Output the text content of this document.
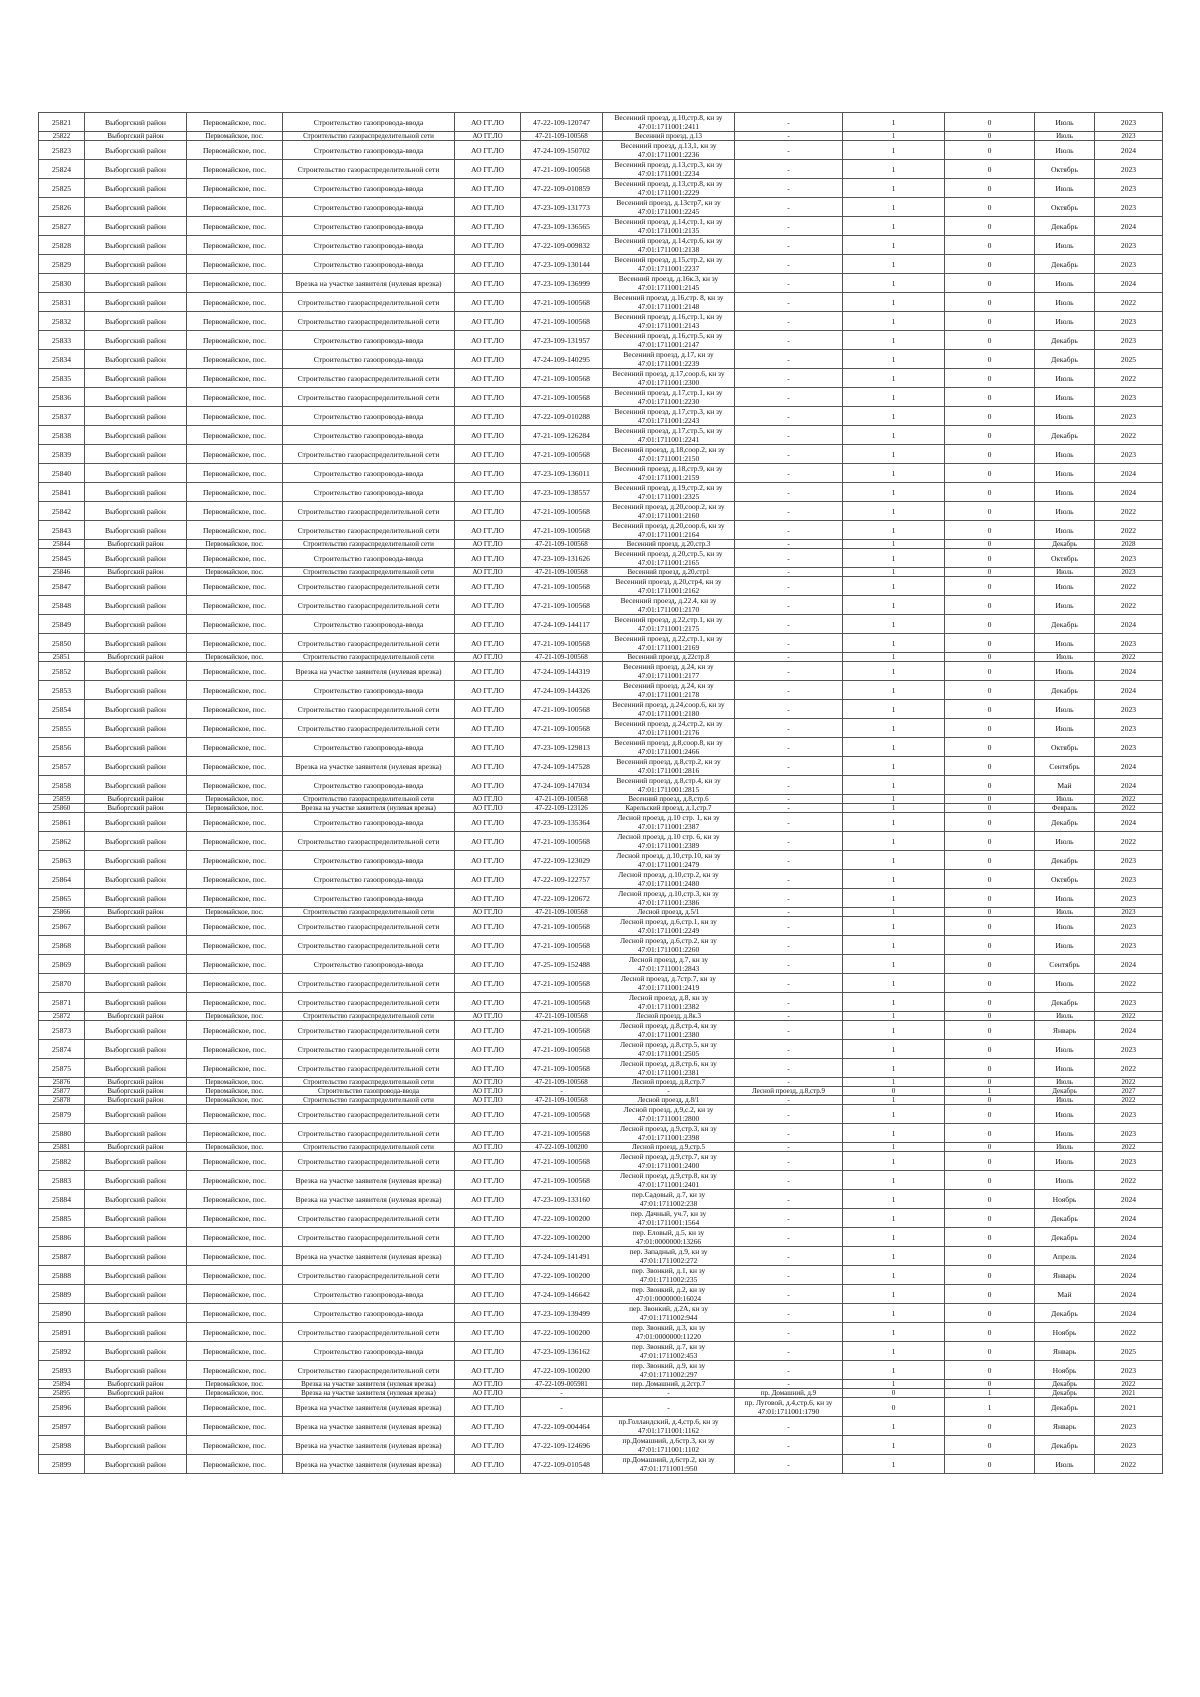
25821	Выборгский район	Первомайское, пос.	Строительство газопровода-ввода	АО ГГ.ЛО	47-22-109-120747	Весенний проезд, д.10,стр.8, кн зу 47:01:1711001:2411	-	1	0	Июль	2023
25822	Выборгский район	Первомайское, пос.	Строительство газораспределительной сети	АО ГГ.ЛО	47-21-109-100568	Весенний проезд, д.13	-	1	0	Июль	2023
25823	Выборгский район	Первомайское, пос.	Строительство газопровода-ввода	АО ГГ.ЛО	47-24-109-150702	Весенний проезд, д.13,1, кн зу 47:01:1711001:2236	-	1	0	Июль	2024
25824	Выборгский район	Первомайское, пос.	Строительство газораспределительной сети	АО ГГ.ЛО	47-21-109-100568	Весенний проезд, д.13,стр.3, кн зу 47:01:1711001:2234	-	1	0	Октябрь	2023
25825	Выборгский район	Первомайское, пос.	Строительство газопровода-ввода	АО ГГ.ЛО	47-22-109-010859	Весенний проезд, д.13,стр.8, кн зу 47:01:1711001:2229	-	1	0	Июль	2023
25826	Выборгский район	Первомайское, пос.	Строительство газопровода-ввода	АО ГГ.ЛО	47-23-109-131773	Весенний проезд, д.13стр7, кн зу 47:01:1711001:2245	-	1	0	Октябрь	2023
25827	Выборгский район	Первомайское, пос.	Строительство газопровода-ввода	АО ГГ.ЛО	47-23-109-136565	Весенний проезд, д.14,стр.1, кн зу 47:01:1711001:2135	-	1	0	Декабрь	2024
25828	Выборгский район	Первомайское, пос.	Строительство газопровода-ввода	АО ГГ.ЛО	47-22-109-009832	Весенний проезд, д.14,стр.6, кн зу 47:01:1711001:2138	-	1	0	Июль	2023
25829	Выборгский район	Первомайское, пос.	Строительство газопровода-ввода	АО ГГ.ЛО	47-23-109-130144	Весенний проезд, д.15,стр.2, кн зу 47:01:1711001:2237	-	1	0	Декабрь	2023
25830	Выборгский район	Первомайское, пос.	Врезка на участке заявителя (нулевая врезка)	АО ГГ.ЛО	47-23-109-136999	Весенний проезд, д.16к.3, кн зу 47:01:1711001:2145	-	1	0	Июль	2024
25831	Выборгский район	Первомайское, пос.	Строительство газораспределительной сети	АО ГГ.ЛО	47-21-109-100568	Весенний проезд, д.16,стр. 8, кн зу 47:01:1711001:2148	-	1	0	Июль	2022
25832	Выборгский район	Первомайское, пос.	Строительство газораспределительной сети	АО ГГ.ЛО	47-21-109-100568	Весенний проезд, д.16,стр.1, кн зу 47:01:1711001:2143	-	1	0	Июль	2023
25833	Выборгский район	Первомайское, пос.	Строительство газопровода-ввода	АО ГГ.ЛО	47-23-109-131957	Весенний проезд, д.16,стр.5, кн зу 47:01:1711001:2147	-	1	0	Декабрь	2023
25834	Выборгский район	Первомайское, пос.	Строительство газопровода-ввода	АО ГГ.ЛО	47-24-109-140295	Весенний проезд, д.17, кн зу 47:01:1711001:2239	-	1	0	Декабрь	2025
25835	Выборгский район	Первомайское, пос.	Строительство газораспределительной сети	АО ГГ.ЛО	47-21-109-100568	Весенний проезд, д.17,соор.6, кн зу 47:01:1711001:2300	-	1	0	Июль	2022
25836	Выборгский район	Первомайское, пос.	Строительство газораспределительной сети	АО ГГ.ЛО	47-21-109-100568	Весенний проезд, д.17,стр.1, кн зу 47:01:1711001:2230	-	1	0	Июль	2023
25837	Выборгский район	Первомайское, пос.	Строительство газопровода-ввода	АО ГГ.ЛО	47-22-109-010288	Весенний проезд, д.17,стр.3, кн зу 47:01:1711001:2243	-	1	0	Июль	2023
25838	Выборгский район	Первомайское, пос.	Строительство газопровода-ввода	АО ГГ.ЛО	47-21-109-126284	Весенний проезд, д.17,стр.5, кн зу 47:01:1711001:2241	-	1	0	Декабрь	2022
25839	Выборгский район	Первомайское, пос.	Строительство газораспределительной сети	АО ГГ.ЛО	47-21-109-100568	Весенний проезд, д.18,соор.2, кн зу 47:01:1711001:2150	-	1	0	Июль	2023
25840	Выборгский район	Первомайское, пос.	Строительство газопровода-ввода	АО ГГ.ЛО	47-23-109-136011	Весенний проезд, д.18,стр.9, кн зу 47:01:1711001:2159	-	1	0	Июль	2024
25841	Выборгский район	Первомайское, пос.	Строительство газопровода-ввода	АО ГГ.ЛО	47-23-109-138557	Весенний проезд, д.19,стр.2, кн зу 47:01:1711001:2325	-	1	0	Июль	2024
25842	Выборгский район	Первомайское, пос.	Строительство газораспределительной сети	АО ГГ.ЛО	47-21-109-100568	Весенний проезд, д.20,соор.2, кн зу 47:01:1711001:2160	-	1	0	Июль	2022
25843	Выборгский район	Первомайское, пос.	Строительство газораспределительной сети	АО ГГ.ЛО	47-21-109-100568	Весенний проезд, д.20,соор.6, кн зу 47:01:1711001:2164	-	1	0	Июль	2022
25844	Выборгский район	Первомайское, пос.	Строительство газораспределительной сети	АО ГГ.ЛО	47-21-109-100568	Весенний проезд, д.20,стр.3	-	1	0	Декабрь	2028
25845	Выборгский район	Первомайское, пос.	Строительство газопровода-ввода	АО ГГ.ЛО	47-23-109-131626	Весенний проезд, д.20,стр.5, кн зу 47:01:1711001:2165	-	1	0	Октябрь	2023
25846	Выборгский район	Первомайское, пос.	Строительство газораспределительной сети	АО ГГ.ЛО	47-21-109-100568	Весенний проезд, д.20,стр1	-	1	0	Июль	2023
25847	Выборгский район	Первомайское, пос.	Строительство газораспределительной сети	АО ГГ.ЛО	47-21-109-100568	Весенний проезд, д.20,стр4, кн зу 47:01:1711001:2162	-	1	0	Июль	2022
25848	Выборгский район	Первомайское, пос.	Строительство газораспределительной сети	АО ГГ.ЛО	47-21-109-100568	Весенний проезд, д.22.4, кн зу 47:01:1711001:2170	-	1	0	Июль	2022
25849	Выборгский район	Первомайское, пос.	Строительство газопровода-ввода	АО ГГ.ЛО	47-24-109-144117	Весенний проезд, д.22,стр.1, кн зу 47:01:1711001:2175	-	1	0	Декабрь	2024
25850	Выборгский район	Первомайское, пос.	Строительство газораспределительной сети	АО ГГ.ЛО	47-21-109-100568	Весенний проезд, д.22,стр.1, кн зу 47:01:1711001:2169	-	1	0	Июль	2023
25851	Выборгский район	Первомайское, пос.	Строительство газораспределительной сети	АО ГГ.ЛО	47-21-109-100568	Весенний проезд, д.22стр.8	-	1	0	Июль	2022
25852	Выборгский район	Первомайское, пос.	Врезка на участке заявителя (нулевая врезка)	АО ГГ.ЛО	47-24-109-144319	Весенний проезд, д.24, кн зу 47:01:1711001:2177	-	1	0	Июль	2024
25853	Выборгский район	Первомайское, пос.	Строительство газопровода-ввода	АО ГГ.ЛО	47-24-109-144326	Весенний проезд, д.24, кн зу 47:01:1711001:2178	-	1	0	Декабрь	2024
25854	Выборгский район	Первомайское, пос.	Строительство газораспределительной сети	АО ГГ.ЛО	47-21-109-100568	Весенний проезд, д.24,соор.6, кн зу 47:01:1711001:2180	-	1	0	Июль	2023
25855	Выборгский район	Первомайское, пос.	Строительство газораспределительной сети	АО ГГ.ЛО	47-21-109-100568	Весенний проезд, д.24,стр.2, кн зу 47:01:1711001:2176	-	1	0	Июль	2023
25856	Выборгский район	Первомайское, пос.	Строительство газопровода-ввода	АО ГГ.ЛО	47-23-109-129813	Весенний проезд, д.8,соор.8, кн зу 47:01:1711001:2466	-	1	0	Октябрь	2023
25857	Выборгский район	Первомайское, пос.	Врезка на участке заявителя (нулевая врезка)	АО ГГ.ЛО	47-24-109-147528	Весенний проезд, д.8,стр.2, кн зу 47:01:1711001:2816	-	1	0	Сентябрь	2024
25858	Выборгский район	Первомайское, пос.	Строительство газопровода-ввода	АО ГГ.ЛО	47-24-109-147034	Весенний проезд, д.8,стр.4, кн зу 47:01:1711001:2815	-	1	0	Май	2024
25859	Выборгский район	Первомайское, пос.	Строительство газораспределительной сети	АО ГГ.ЛО	47-21-109-100568	Весенний проезд, д.8,стр.6	-	1	0	Июль	2022
25860	Выборгский район	Первомайское, пос.	Врезка на участке заявителя (нулевая врезка)	АО ГГ.ЛО	47-22-109-123126	Карельский проезд, д.1,стр.7	-	1	0	Февраль	2022
25861	Выборгский район	Первомайское, пос.	Строительство газопровода-ввода	АО ГГ.ЛО	47-23-109-135364	Лесной проезд, д.10 стр. 1, кн зу 47:01:1711001:2387	-	1	0	Декабрь	2024
25862	Выборгский район	Первомайское, пос.	Строительство газораспределительной сети	АО ГГ.ЛО	47-21-109-100568	Лесной проезд, д.10 стр. 6, кн зу 47:01:1711001:2389	-	1	0	Июль	2022
25863	Выборгский район	Первомайское, пос.	Строительство газопровода-ввода	АО ГГ.ЛО	47-22-109-123029	Лесной проезд, д.10,стр.10, кн зу 47:01:1711001:2479	-	1	0	Декабрь	2023
25864	Выборгский район	Первомайское, пос.	Строительство газопровода-ввода	АО ГГ.ЛО	47-22-109-122757	Лесной проезд, д.10,стр.2, кн зу 47:01:1711001:2480	-	1	0	Октябрь	2023
25865	Выборгский район	Первомайское, пос.	Строительство газопровода-ввода	АО ГГ.ЛО	47-22-109-120672	Лесной проезд, д.10,стр.3, кн зу 47:01:1711001:2386	-	1	0	Июль	2023
25866	Выборгский район	Первомайское, пос.	Строительство газораспределительной сети	АО ГГ.ЛО	47-21-109-100568	Лесной проезд, д.5/1	-	1	0	Июль	2023
25867	Выборгский район	Первомайское, пос.	Строительство газораспределительной сети	АО ГГ.ЛО	47-21-109-100568	Лесной проезд, д.6,стр.1, кн зу 47:01:1711001:2249	-	1	0	Июль	2023
25868	Выборгский район	Первомайское, пос.	Строительство газораспределительной сети	АО ГГ.ЛО	47-21-109-100568	Лесной проезд, д.6,стр.2, кн зу 47:01:1711001:2260	-	1	0	Июль	2023
25869	Выборгский район	Первомайское, пос.	Строительство газопровода-ввода	АО ГГ.ЛО	47-25-109-152488	Лесной проезд, д.7, кн зу 47:01:1711001:2843	-	1	0	Сентябрь	2024
25870	Выборгский район	Первомайское, пос.	Строительство газораспределительной сети	АО ГГ.ЛО	47-21-109-100568	Лесной проезд, д.7стр.7, кн зу 47:01:1711001:2419	-	1	0	Июль	2022
25871	Выборгский район	Первомайское, пос.	Строительство газораспределительной сети	АО ГГ.ЛО	47-21-109-100568	Лесной проезд, д.8, кн зу 47:01:1711001:2382	-	1	0	Декабрь	2023
25872	Выборгский район	Первомайское, пос.	Строительство газораспределительной сети	АО ГГ.ЛО	47-21-109-100568	Лесной проезд, д.8к.3	-	1	0	Июль	2022
25873	Выборгский район	Первомайское, пос.	Строительство газораспределительной сети	АО ГГ.ЛО	47-21-109-100568	Лесной проезд, д.8,стр.4, кн зу 47:01:1711001:2380	-	1	0	Январь	2024
25874	Выборгский район	Первомайское, пос.	Строительство газораспределительной сети	АО ГГ.ЛО	47-21-109-100568	Лесной проезд, д.8,стр.5, кн зу 47:01:1711001:2505	-	1	0	Июль	2023
25875	Выборгский район	Первомайское, пос.	Строительство газораспределительной сети	АО ГГ.ЛО	47-21-109-100568	Лесной проезд, д.8,стр.6, кн зу 47:01:1711001:2381	-	1	0	Июль	2022
25876	Выборгский район	Первомайское, пос.	Строительство газораспределительной сети	АО ГГ.ЛО	47-21-109-100568	Лесной проезд, д.8,стр.7	-	1	0	Июль	2022
25877	Выборгский район	Первомайское, пос.	Строительство газопровода-ввода	АО ГГ.ЛО	-	-	Лесной проезд, д.8,стр.9	0	1	Декабрь	2027
25878	Выборгский район	Первомайское, пос.	Строительство газораспределительной сети	АО ГГ.ЛО	47-21-109-100568	Лесной проезд, д.8/1	-	1	0	Июль	2022
25879	Выборгский район	Первомайское, пос.	Строительство газораспределительной сети	АО ГГ.ЛО	47-21-109-100568	Лесной проезд, д.9,с.2, кн зу 47:01:1711001:2800	-	1	0	Июль	2023
25880	Выборгский район	Первомайское, пос.	Строительство газораспределительной сети	АО ГГ.ЛО	47-21-109-100568	Лесной проезд, д.9,стр.3, кн зу 47:01:1711001:2398	-	1	0	Июль	2023
25881	Выборгский район	Первомайское, пос.	Строительство газораспределительной сети	АО ГГ.ЛО	47-22-109-100200	Лесной проезд, д.9,стр.5	-	1	0	Июль	2022
25882	Выборгский район	Первомайское, пос.	Строительство газораспределительной сети	АО ГГ.ЛО	47-21-109-100568	Лесной проезд, д.9,стр.7, кн зу 47:01:1711001:2400	-	1	0	Июль	2023
25883	Выборгский район	Первомайское, пос.	Врезка на участке заявителя (нулевая врезка)	АО ГГ.ЛО	47-21-109-100568	Лесной проезд, д.9,стр.8, кн зу 47:01:1711001:2401	-	1	0	Июль	2022
25884	Выборгский район	Первомайское, пос.	Врезка на участке заявителя (нулевая врезка)	АО ГГ.ЛО	47-23-109-133160	пер.Садовый, д.7, кн зу 47:01:1711002:238	-	1	0	Ноябрь	2024
25885	Выборгский район	Первомайское, пос.	Строительство газораспределительной сети	АО ГГ.ЛО	47-22-109-100200	пер. Дачный, уч.7, кн зу 47:01:1711001:1564	-	1	0	Декабрь	2024
25886	Выборгский район	Первомайское, пос.	Строительство газораспределительной сети	АО ГГ.ЛО	47-22-109-100200	пер. Еловый, д.5, кн зу 47:01:0000000:13266	-	1	0	Декабрь	2024
25887	Выборгский район	Первомайское, пос.	Врезка на участке заявителя (нулевая врезка)	АО ГГ.ЛО	47-24-109-141491	пер. Западный, д.9, кн зу 47:01:1711002:272	-	1	0	Апрель	2024
25888	Выборгский район	Первомайское, пос.	Строительство газораспределительной сети	АО ГГ.ЛО	47-22-109-100200	пер. Звонкий, д.1, кн зу 47:01:1711002:235	-	1	0	Январь	2024
25889	Выборгский район	Первомайское, пос.	Строительство газопровода-ввода	АО ГГ.ЛО	47-24-109-146642	пер. Звонкий, д.2, кн зу 47:01:0000000:16024	-	1	0	Май	2024
25890	Выборгский район	Первомайское, пос.	Строительство газопровода-ввода	АО ГГ.ЛО	47-23-109-139499	пер. Звонкий, д.2А, кн зу 47:01:1711002:944	-	1	0	Декабрь	2024
25891	Выборгский район	Первомайское, пос.	Строительство газораспределительной сети	АО ГГ.ЛО	47-22-109-100200	пер. Звонкий, д.3, кн зу 47:01:0000000:11220	-	1	0	Ноябрь	2022
25892	Выборгский район	Первомайское, пос.	Строительство газопровода-ввода	АО ГГ.ЛО	47-23-109-136162	пер. Звонкий, д.7, кн зу 47:01:1711002:453	-	1	0	Январь	2025
25893	Выборгский район	Первомайское, пос.	Строительство газораспределительной сети	АО ГГ.ЛО	47-22-109-100200	пер. Звонкий, д.9, кн зу 47:01:1711002:297	-	1	0	Ноябрь	2023
25894	Выборгский район	Первомайское, пос.	Врезка на участке заявителя (нулевая врезка)	АО ГГ.ЛО	47-22-109-005981	пер. Домашний, д.2стр.7	-	1	0	Декабрь	2022
25895	Выборгский район	Первомайское, пос.	Врезка на участке заявителя (нулевая врезка)	АО ГГ.ЛО	-	-	пр. Домашний, д.9	0	1	Декабрь	2021
25896	Выборгский район	Первомайское, пос.	Врезка на участке заявителя (нулевая врезка)	АО ГГ.ЛО	-	-	пр. Луговой, д.4,стр.6, кн зу 47:01:1711001:1790	0	1	Декабрь	2021
25897	Выборгский район	Первомайское, пос.	Врезка на участке заявителя (нулевая врезка)	АО ГГ.ЛО	47-22-109-004464	пр.Голландский, д.4,стр.6, кн зу 47:01:1711001:1162	-	1	0	Январь	2023
25898	Выборгский район	Первомайское, пос.	Врезка на участке заявителя (нулевая врезка)	АО ГГ.ЛО	47-22-109-124696	пр.Домашний, д.6стр.3, кн зу 47:01:1711001:1102	-	1	0	Декабрь	2023
25899	Выборгский район	Первомайское, пос.	Врезка на участке заявителя (нулевая врезка)	АО ГГ.ЛО	47-22-109-010548	пр.Домашний, д.6стр.2, кн зу 47:01:1711001:950	-	1	0	Июль	2022
